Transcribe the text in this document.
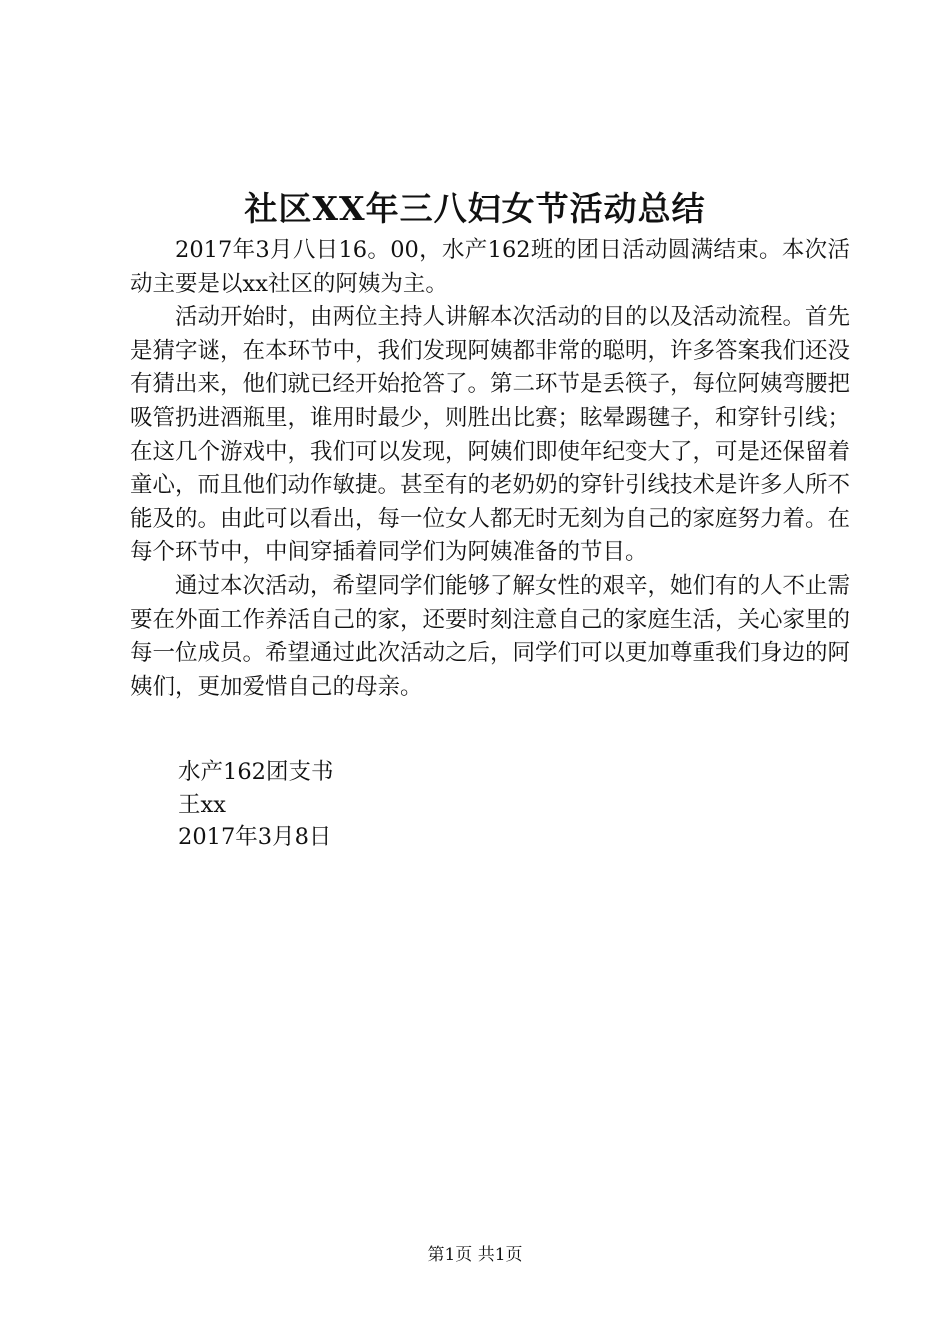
社区XX年三八妇女节活动总结

2017年3月八日16。00，水产162班的团日活动圆满结束。本次活动主要是以xx社区的阿姨为主。

活动开始时，由两位主持人讲解本次活动的目的以及活动流程。首先是猜字谜，在本环节中，我们发现阿姨都非常的聪明，许多答案我们还没有猜出来，他们就已经开始抢答了。第二环节是丢筷子，每位阿姨弯腰把吸管扔进酒瓶里，谁用时最少，则胜出比赛；眩晕踢毽子，和穿针引线；在这几个游戏中，我们可以发现，阿姨们即使年纪变大了，可是还保留着童心，而且他们动作敏捷。甚至有的老奶奶的穿针引线技术是许多人所不能及的。由此可以看出，每一位女人都无时无刻为自己的家庭努力着。在每个环节中，中间穿插着同学们为阿姨准备的节目。

通过本次活动，希望同学们能够了解女性的艰辛，她们有的人不止需要在外面工作养活自己的家，还要时刻注意自己的家庭生活，关心家里的每一位成员。希望通过此次活动之后，同学们可以更加尊重我们身边的阿姨们，更加爱惜自己的母亲。

水产162团支书
王xx
2017年3月8日
第1页 共1页
